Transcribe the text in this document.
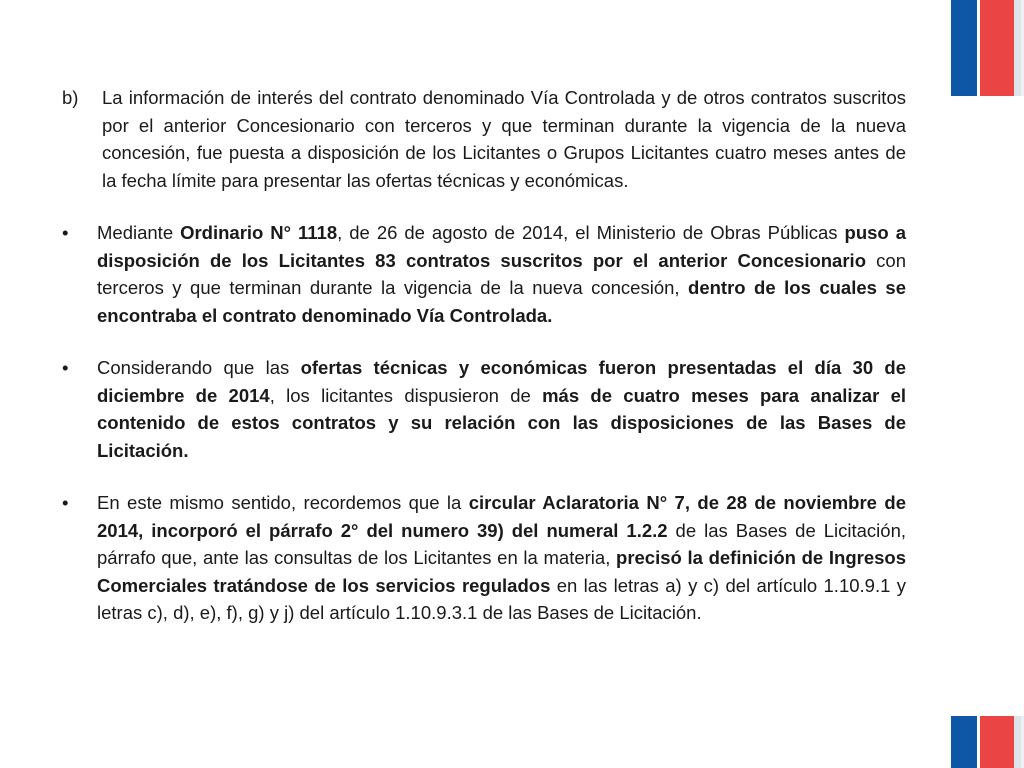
b)	La información de interés del contrato denominado Vía Controlada y de otros contratos suscritos por el anterior Concesionario con terceros y que terminan durante la vigencia de la nueva concesión, fue puesta a disposición de los Licitantes o Grupos Licitantes cuatro meses antes de la fecha límite para presentar las ofertas técnicas y económicas.
•	Mediante Ordinario N° 1118, de 26 de agosto de 2014, el Ministerio de Obras Públicas puso a disposición de los Licitantes 83 contratos suscritos por el anterior Concesionario con terceros y que terminan durante la vigencia de la nueva concesión, dentro de los cuales se encontraba el contrato denominado Vía Controlada.
•	Considerando que las ofertas técnicas y económicas fueron presentadas el día 30 de diciembre de 2014, los licitantes dispusieron de más de cuatro meses para analizar el contenido de estos contratos y su relación con las disposiciones de las Bases de Licitación.
•	En este mismo sentido, recordemos que la circular Aclaratoria N° 7, de 28 de noviembre de 2014, incorporó el párrafo 2° del numero 39) del numeral 1.2.2 de las Bases de Licitación, párrafo que, ante las consultas de los Licitantes en la materia, precisó la definición de Ingresos Comerciales tratándose de los servicios regulados en las letras a) y c) del artículo 1.10.9.1 y letras c), d), e), f), g) y j) del artículo 1.10.9.3.1 de las Bases de Licitación.
